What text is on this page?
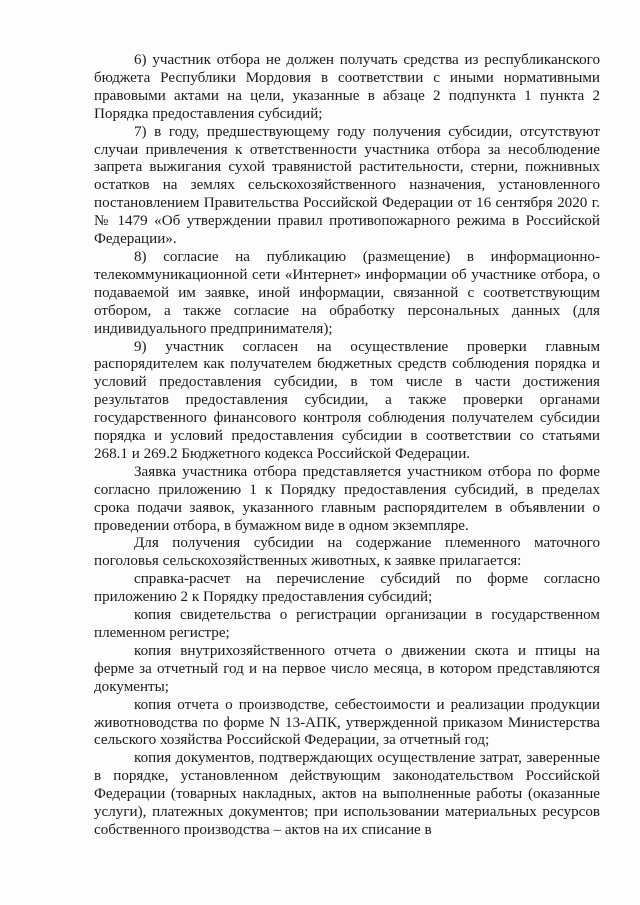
6) участник отбора не должен получать средства из республиканского бюджета Республики Мордовия в соответствии с иными нормативными правовыми актами на цели, указанные в абзаце 2 подпункта 1 пункта 2 Порядка предоставления субсидий;

7) в году, предшествующему году получения субсидии, отсутствуют случаи привлечения к ответственности участника отбора за несоблюдение запрета выжигания сухой травянистой растительности, стерни, пожнивных остатков на землях сельскохозяйственного назначения, установленного постановлением Правительства Российской Федерации от 16 сентября 2020 г. № 1479 «Об утверждении правил противопожарного режима в Российской Федерации».

8) согласие на публикацию (размещение) в информационно-телекоммуникационной сети «Интернет» информации об участнике отбора, о подаваемой им заявке, иной информации, связанной с соответствующим отбором, а также согласие на обработку персональных данных (для индивидуального предпринимателя);

9) участник согласен на осуществление проверки главным распорядителем как получателем бюджетных средств соблюдения порядка и условий предоставления субсидии, в том числе в части достижения результатов предоставления субсидии, а также проверки органами государственного финансового контроля соблюдения получателем субсидии порядка и условий предоставления субсидии в соответствии со статьями 268.1 и 269.2 Бюджетного кодекса Российской Федерации.

Заявка участника отбора представляется участником отбора по форме согласно приложению 1 к Порядку предоставления субсидий, в пределах срока подачи заявок, указанного главным распорядителем в объявлении о проведении отбора, в бумажном виде в одном экземпляре.

Для получения субсидии на содержание племенного маточного поголовья сельскохозяйственных животных, к заявке прилагается:

справка-расчет на перечисление субсидий по форме согласно приложению 2 к Порядку предоставления субсидий;

копия свидетельства о регистрации организации в государственном племенном регистре;

копия внутрихозяйственного отчета о движении скота и птицы на ферме за отчетный год и на первое число месяца, в котором представляются документы;

копия отчета о производстве, себестоимости и реализации продукции животноводства по форме N 13-АПК, утвержденной приказом Министерства сельского хозяйства Российской Федерации, за отчетный год;

копия документов, подтверждающих осуществление затрат, заверенные в порядке, установленном действующим законодательством Российской Федерации (товарных накладных, актов на выполненные работы (оказанные услуги), платежных документов; при использовании материальных ресурсов собственного производства – актов на их списание в
